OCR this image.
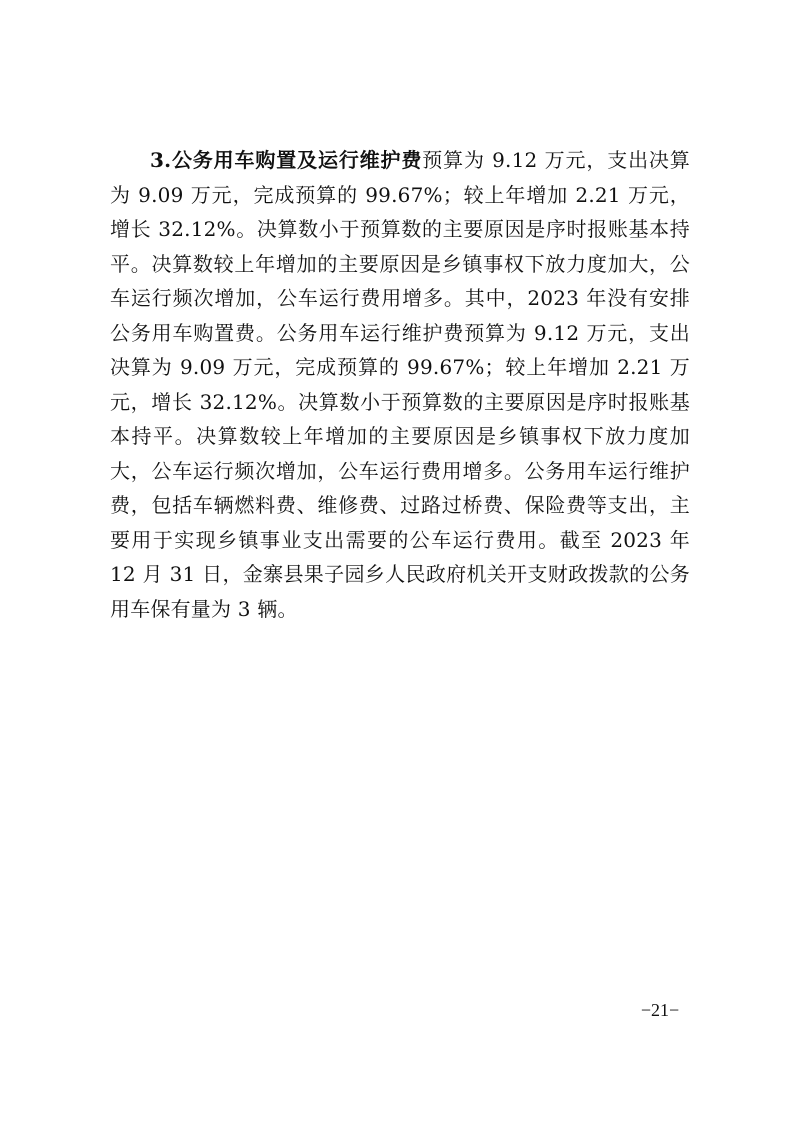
3.公务用车购置及运行维护费预算为 9.12 万元，支出决算为 9.09 万元，完成预算的 99.67%；较上年增加 2.21 万元，增长 32.12%。决算数小于预算数的主要原因是序时报账基本持平。决算数较上年增加的主要原因是乡镇事权下放力度加大，公车运行频次增加，公车运行费用增多。其中，2023 年没有安排公务用车购置费。公务用车运行维护费预算为 9.12 万元，支出决算为 9.09 万元，完成预算的 99.67%；较上年增加 2.21 万元，增长 32.12%。决算数小于预算数的主要原因是序时报账基本持平。决算数较上年增加的主要原因是乡镇事权下放力度加大，公车运行频次增加，公车运行费用增多。公务用车运行维护费，包括车辆燃料费、维修费、过路过桥费、保险费等支出，主要用于实现乡镇事业支出需要的公车运行费用。截至 2023 年 12 月 31 日，金寨县果子园乡人民政府机关开支财政拨款的公务用车保有量为 3 辆。

−21−
